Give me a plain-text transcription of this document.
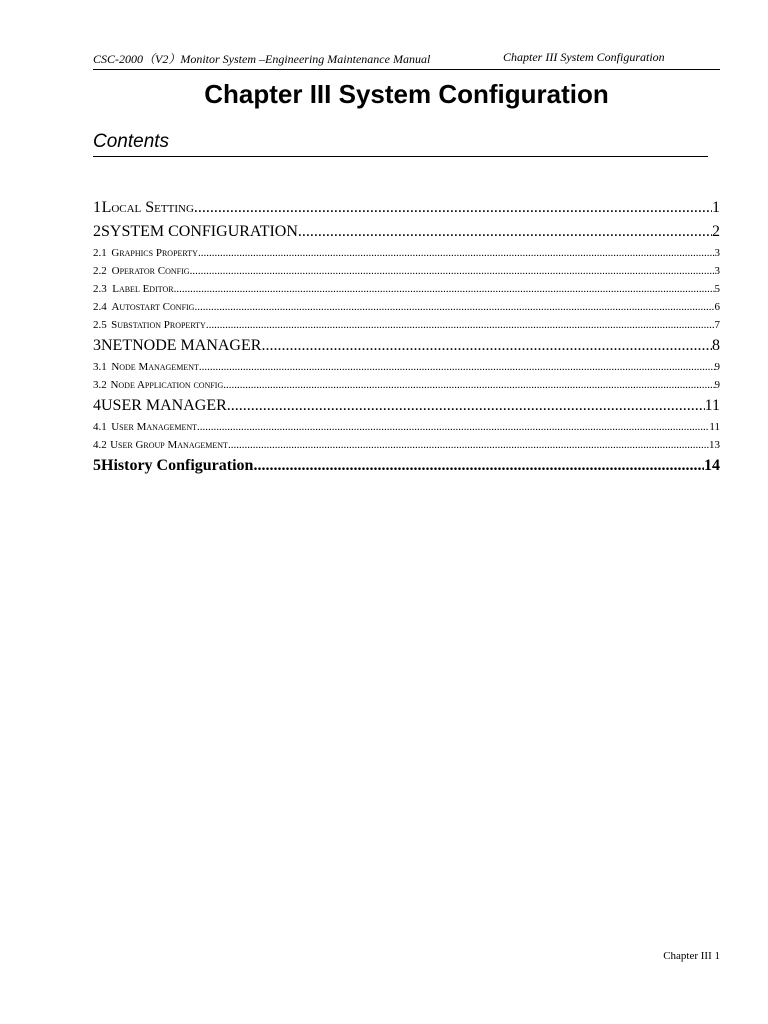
CSC-2000（V2）Monitor System –Engineering Maintenance Manual	Chapter III System Configuration
Chapter III System Configuration
Contents
1 Local Setting .....	1
2 SYSTEM CONFIGURATION .....	2
2.1 Graphics Property .....	3
2.2 Operator Config .....	3
2.3 Label Editor .....	5
2.4 Autostart Config .....	6
2.5 Substation Property .....	7
3 NETNODE MANAGER .....	8
3.1 Node Management .....	9
3.2 Node Application config .....	9
4 USER MANAGER .....	11
4.1 User Management .....	11
4.2 User Group Management .....	13
5 History Configuration .....	14
Chapter III 1
